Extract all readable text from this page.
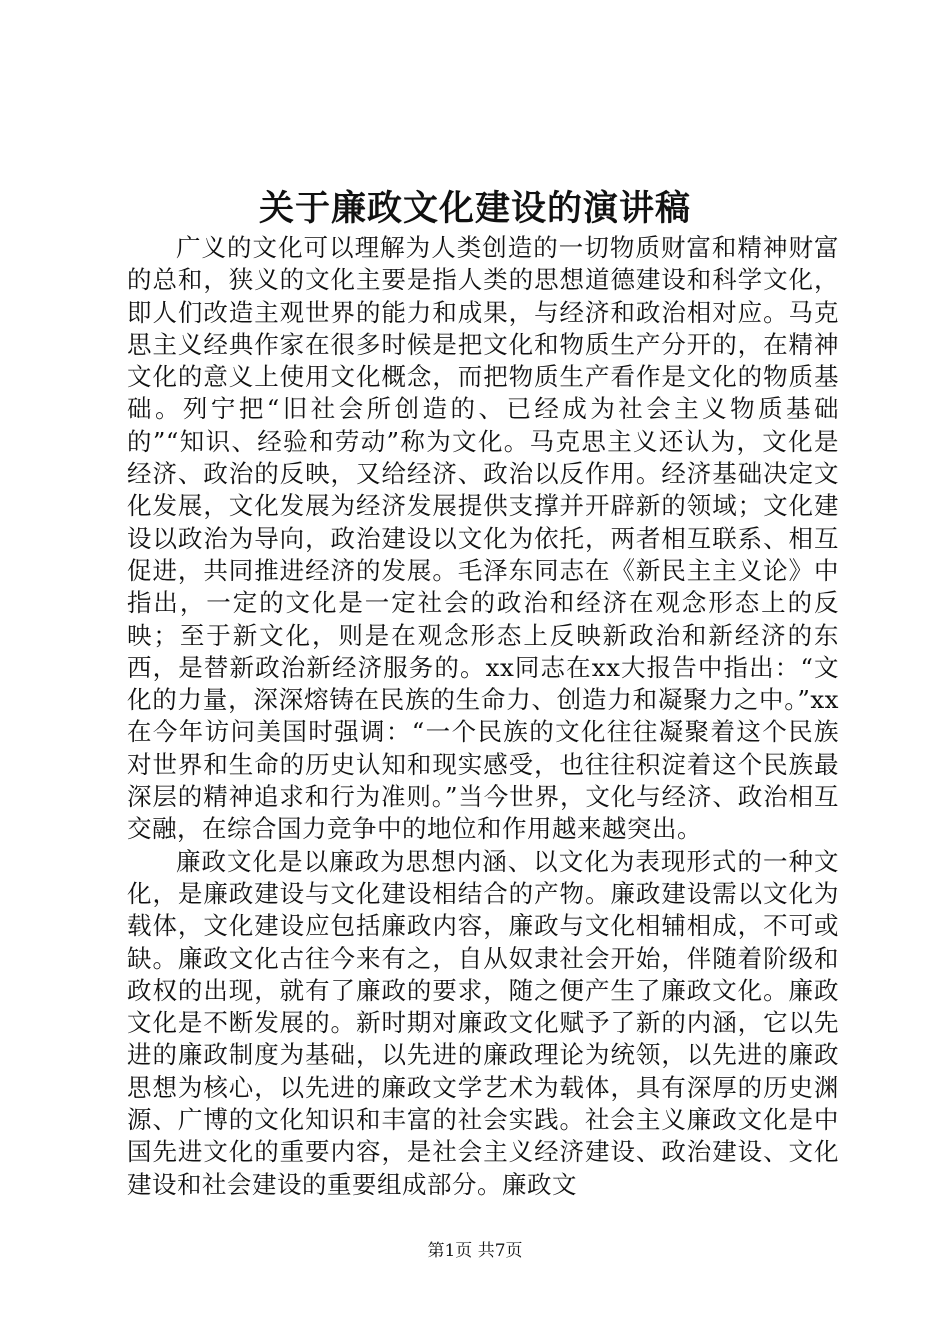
关于廉政文化建设的演讲稿

广义的文化可以理解为人类创造的一切物质财富和精神财富的总和，狭义的文化主要是指人类的思想道德建设和科学文化，即人们改造主观世界的能力和成果，与经济和政治相对应。马克思主义经典作家在很多时候是把文化和物质生产分开的，在精神文化的意义上使用文化概念，而把物质生产看作是文化的物质基础。列宁把“旧社会所创造的、已经成为社会主义物质基础的”“知识、经验和劳动”称为文化。马克思主义还认为，文化是经济、政治的反映，又给经济、政治以反作用。经济基础决定文化发展，文化发展为经济发展提供支撑并开辟新的领域；文化建设以政治为导向，政治建设以文化为依托，两者相互联系、相互促进，共同推进经济的发展。毛泽东同志在《新民主主义论》中指出，一定的文化是一定社会的政治和经济在观念形态上的反映；至于新文化，则是在观念形态上反映新政治和新经济的东西，是替新政治新经济服务的。xx同志在xx大报告中指出：“文化的力量，深深熔铸在民族的生命力、创造力和凝聚力之中。”xx在今年访问美国时强调：“一个民族的文化往往凝聚着这个民族对世界和生命的历史认知和现实感受，也往往积淀着这个民族最深层的精神追求和行为准则。”当今世界，文化与经济、政治相互交融，在综合国力竞争中的地位和作用越来越突出。

廉政文化是以廉政为思想内涵、以文化为表现形式的一种文化，是廉政建设与文化建设相结合的产物。廉政建设需以文化为载体，文化建设应包括廉政内容，廉政与文化相辅相成，不可或缺。廉政文化古往今来有之，自从奴隶社会开始，伴随着阶级和政权的出现，就有了廉政的要求，随之便产生了廉政文化。廉政文化是不断发展的。新时期对廉政文化赋予了新的内涵，它以先进的廉政制度为基础，以先进的廉政理论为统领，以先进的廉政思想为核心，以先进的廉政文学艺术为载体，具有深厚的历史渊源、广博的文化知识和丰富的社会实践。社会主义廉政文化是中国先进文化的重要内容，是社会主义经济建设、政治建设、文化建设和社会建设的重要组成部分。廉政文

第1页 共7页
